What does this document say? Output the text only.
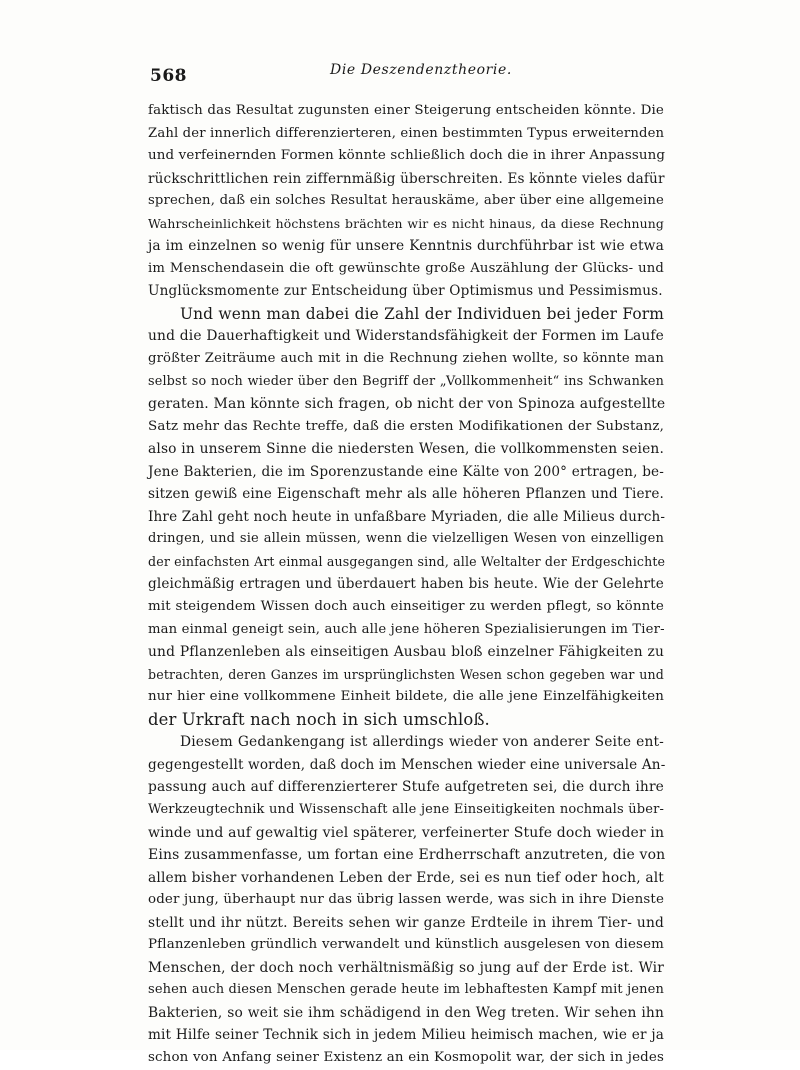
568	Die Deszendenztheorie.
faktisch das Resultat zugunsten einer Steigerung entscheiden könnte. Die
Zahl der innerlich differenzierteren, einen bestimmten Typus erweiternden
und verfeinernden Formen könnte schließlich doch die in ihrer Anpassung
rückschrittlichen rein ziffernmäßig überschreiten. Es könnte vieles dafür
sprechen, daß ein solches Resultat herauskäme, aber über eine allgemeine
Wahrscheinlichkeit höchstens brächten wir es nicht hinaus, da diese Rechnung
ja im einzelnen so wenig für unsere Kenntnis durchführbar ist wie etwa
im Menschendasein die oft gewünschte große Auszählung der Glücks- und
Unglücksmomente zur Entscheidung über Optimismus und Pessimismus.
Und wenn man dabei die Zahl der Individuen bei jeder Form
und die Dauerhaftigkeit und Widerstandsfähigkeit der Formen im Laufe
größter Zeiträume auch mit in die Rechnung ziehen wollte, so könnte man
selbst so noch wieder über den Begriff der „Vollkommenheit“ ins Schwanken
geraten. Man könnte sich fragen, ob nicht der von Spinoza aufgestellte
Satz mehr das Rechte treffe, daß die ersten Modifikationen der Substanz,
also in unserem Sinne die niedersten Wesen, die vollkommensten seien.
Jene Bakterien, die im Sporenzustande eine Kälte von 200° ertragen, be-
sitzen gewiß eine Eigenschaft mehr als alle höheren Pflanzen und Tiere.
Ihre Zahl geht noch heute in unfaßbare Myriaden, die alle Milieus durch-
dringen, und sie allein müssen, wenn die vielzelligen Wesen von einzelligen
der einfachsten Art einmal ausgegangen sind, alle Weltalter der Erdgeschichte
gleichmäßig ertragen und überdauert haben bis heute. Wie der Gelehrte
mit steigendem Wissen doch auch einseitiger zu werden pflegt, so könnte
man einmal geneigt sein, auch alle jene höheren Spezialisierungen im Tier-
und Pflanzenleben als einseitigen Ausbau bloß einzelner Fähigkeiten zu
betrachten, deren Ganzes im ursprünglichsten Wesen schon gegeben war und
nur hier eine vollkommene Einheit bildete, die alle jene Einzelfähigkeiten
der Urkraft nach noch in sich umschloß.
Diesem Gedankengang ist allerdings wieder von anderer Seite ent-
gegengestellt worden, daß doch im Menschen wieder eine universale An-
passung auch auf differenzierterer Stufe aufgetreten sei, die durch ihre
Werkzeugtechnik und Wissenschaft alle jene Einseitigkeiten nochmals über-
winde und auf gewaltig viel späterer, verfeinerter Stufe doch wieder in
Eins zusammenfasse, um fortan eine Erdherrschaft anzutreten, die von
allem bisher vorhandenen Leben der Erde, sei es nun tief oder hoch, alt
oder jung, überhaupt nur das übrig lassen werde, was sich in ihre Dienste
stellt und ihr nützt. Bereits sehen wir ganze Erdteile in ihrem Tier- und
Pflanzenleben gründlich verwandelt und künstlich ausgelesen von diesem
Menschen, der doch noch verhältnismäßig so jung auf der Erde ist. Wir
sehen auch diesen Menschen gerade heute im lebhaftesten Kampf mit jenen
Bakterien, so weit sie ihm schädigend in den Weg treten. Wir sehen ihn
mit Hilfe seiner Technik sich in jedem Milieu heimisch machen, wie er ja
schon von Anfang seiner Existenz an ein Kosmopolit war, der sich in jedes
